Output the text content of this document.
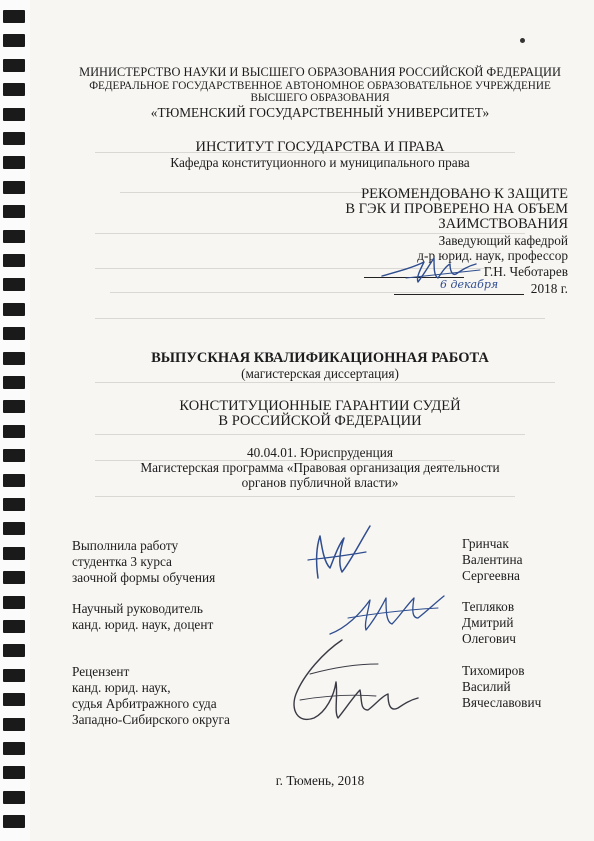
МИНИСТЕРСТВО НАУКИ И ВЫСШЕГО ОБРАЗОВАНИЯ РОССИЙСКОЙ ФЕДЕРАЦИИ
ФЕДЕРАЛЬНОЕ ГОСУДАРСТВЕННОЕ АВТОНОМНОЕ ОБРАЗОВАТЕЛЬНОЕ УЧРЕЖДЕНИЕ
ВЫСШЕГО ОБРАЗОВАНИЯ
«ТЮМЕНСКИЙ ГОСУДАРСТВЕННЫЙ УНИВЕРСИТЕТ»
ИНСТИТУТ ГОСУДАРСТВА И ПРАВА
Кафедра конституционного и муниципального права
РЕКОМЕНДОВАНО К ЗАЩИТЕ
В ГЭК И ПРОВЕРЕНО НА ОБЪЕМ
ЗАИМСТВОВАНИЯ
Заведующий кафедрой
д-р юрид. наук, профессор
Г.Н. Чеботарев
6 декабря 2018 г.
ВЫПУСКНАЯ КВАЛИФИКАЦИОННАЯ РАБОТА
(магистерская диссертация)
КОНСТИТУЦИОННЫЕ ГАРАНТИИ СУДЕЙ
В РОССИЙСКОЙ ФЕДЕРАЦИИ
40.04.01. Юриспруденция
Магистерская программа «Правовая организация деятельности
органов публичной власти»
Выполнила работу
студентка 3 курса
заочной формы обучения
Гринчак
Валентина
Сергеевна
Научный руководитель
канд. юрид. наук, доцент
Тепляков
Дмитрий
Олегович
Рецензент
канд. юрид. наук,
судья Арбитражного суда
Западно-Сибирского округа
Тихомиров
Василий
Вячеславович
г. Тюмень, 2018
